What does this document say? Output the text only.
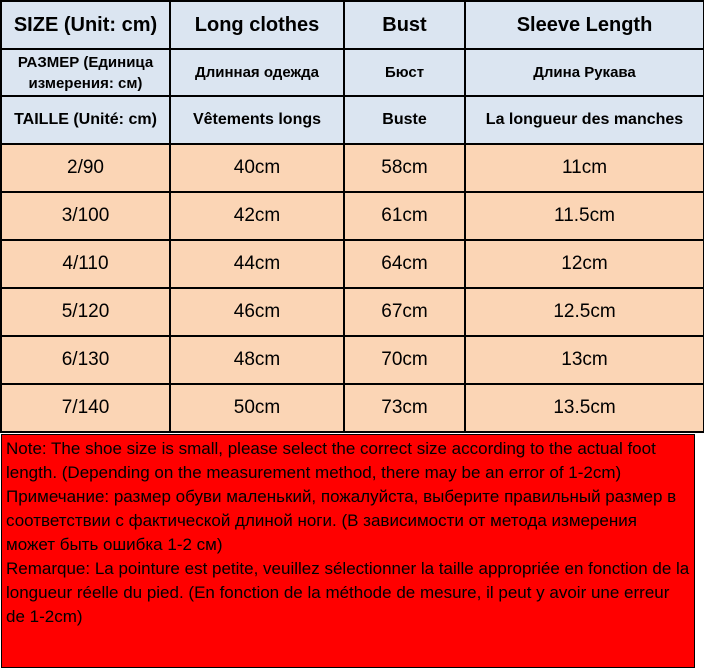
SIZE (Unit: cm)	Long clothes	Bust	Sleeve Length
РАЗМЕР (Единица измерения: см)	Длинная одежда	Бюст	Длина Рукава
TAILLE (Unité: cm)	Vêtements longs	Buste	La longueur des manches
2/90	40cm	58cm	11cm
3/100	42cm	61cm	11.5cm
4/110	44cm	64cm	12cm
5/120	46cm	67cm	12.5cm
6/130	48cm	70cm	13cm
7/140	50cm	73cm	13.5cm

Note: The shoe size is small, please select the correct size according to the actual foot length. (Depending on the measurement method, there may be an error of 1-2cm)

Примечание: размер обуви маленький, пожалуйста, выберите правильный размер в соответствии с фактической длиной ноги. (В зависимости от метода измерения может быть ошибка 1-2 см)

Remarque: La pointure est petite, veuillez sélectionner la taille appropriée en fonction de la longueur réelle du pied. (En fonction de la méthode de mesure, il peut y avoir une erreur de 1-2cm)
